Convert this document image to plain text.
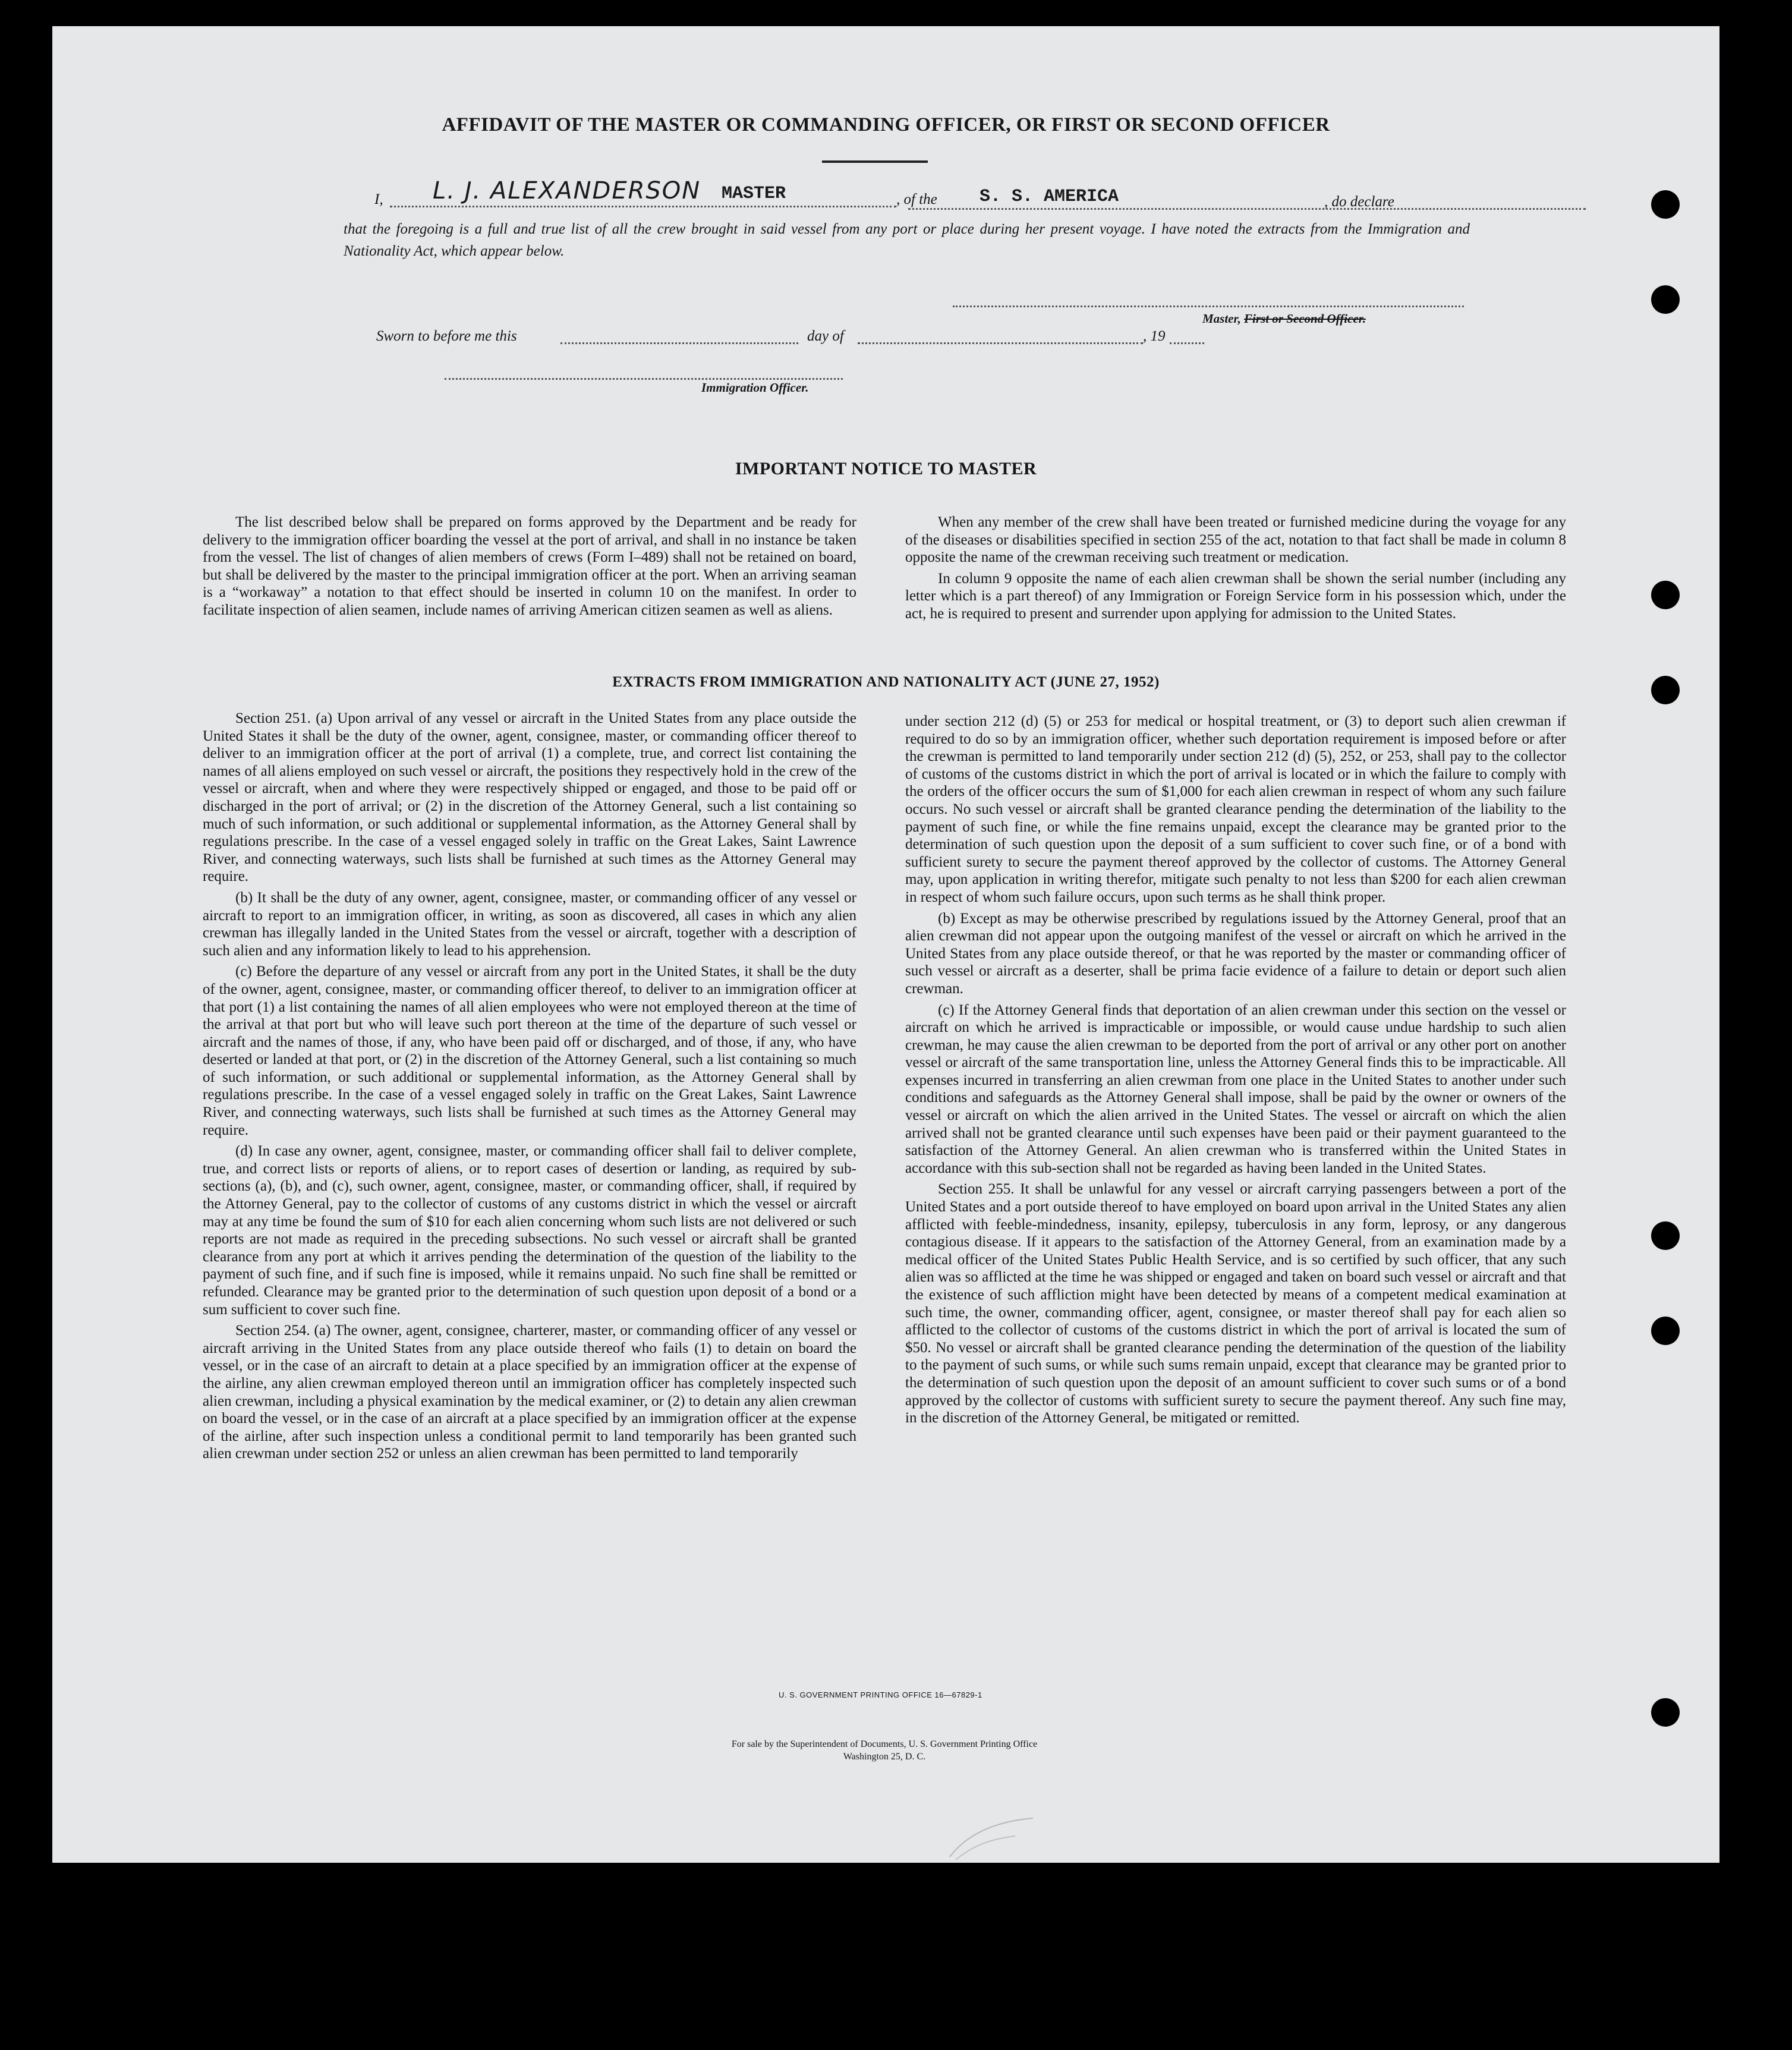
AFFIDAVIT OF THE MASTER OR COMMANDING OFFICER, OR FIRST OR SECOND OFFICER
I, L. J. ALEXANDERSON MASTER	, of the S. S. AMERICA	, do declare
that the foregoing is a full and true list of all the crew brought in said vessel from any port or place during her present voyage. I have noted the extracts from the Immigration and Nationality Act, which appear below.
Master, First or Second Officer.
Sworn to before me this	day of	, 19
Immigration Officer.
IMPORTANT NOTICE TO MASTER

The list described below shall be prepared on forms approved by the Department and be ready for delivery to the immigration officer boarding the vessel at the port of arrival, and shall in no instance be taken from the vessel. The list of changes of alien members of crews (Form I–489) shall not be retained on board, but shall be delivered by the master to the principal immigration officer at the port. When an arriving seaman is a “workaway” a notation to that effect should be inserted in column 10 on the manifest. In order to facilitate inspection of alien seamen, include names of arriving American citizen seamen as well as aliens.

When any member of the crew shall have been treated or furnished medicine during the voyage for any of the diseases or disabilities specified in section 255 of the act, notation to that fact shall be made in column 8 opposite the name of the crewman receiving such treatment or medication.

In column 9 opposite the name of each alien crewman shall be shown the serial number (including any letter which is a part thereof) of any Immigration or Foreign Service form in his possession which, under the act, he is required to present and surrender upon applying for admission to the United States.

EXTRACTS FROM IMMIGRATION AND NATIONALITY ACT (JUNE 27, 1952)

Section 251. (a) Upon arrival of any vessel or aircraft in the United States from any place outside the United States it shall be the duty of the owner, agent, consignee, master, or commanding officer thereof to deliver to an immigration officer at the port of arrival (1) a complete, true, and correct list containing the names of all aliens employed on such vessel or aircraft, the positions they respectively hold in the crew of the vessel or aircraft, when and where they were respectively shipped or engaged, and those to be paid off or discharged in the port of arrival; or (2) in the discretion of the Attorney General, such a list containing so much of such information, or such additional or supplemental information, as the Attorney General shall by regulations prescribe. In the case of a vessel engaged solely in traffic on the Great Lakes, Saint Lawrence River, and connecting waterways, such lists shall be furnished at such times as the Attorney General may require.

(b) It shall be the duty of any owner, agent, consignee, master, or commanding officer of any vessel or aircraft to report to an immigration officer, in writing, as soon as discovered, all cases in which any alien crewman has illegally landed in the United States from the vessel or aircraft, together with a description of such alien and any information likely to lead to his apprehension.

(c) Before the departure of any vessel or aircraft from any port in the United States, it shall be the duty of the owner, agent, consignee, master, or commanding officer thereof, to deliver to an immigration officer at that port (1) a list containing the names of all alien employees who were not employed thereon at the time of the arrival at that port but who will leave such port thereon at the time of the departure of such vessel or aircraft and the names of those, if any, who have been paid off or discharged, and of those, if any, who have deserted or landed at that port, or (2) in the discretion of the Attorney General, such a list containing so much of such information, or such additional or supplemental information, as the Attorney General shall by regulations prescribe. In the case of a vessel engaged solely in traffic on the Great Lakes, Saint Lawrence River, and connecting waterways, such lists shall be furnished at such times as the Attorney General may require.

(d) In case any owner, agent, consignee, master, or commanding officer shall fail to deliver complete, true, and correct lists or reports of aliens, or to report cases of desertion or landing, as required by sub-sections (a), (b), and (c), such owner, agent, consignee, master, or commanding officer, shall, if required by the Attorney General, pay to the collector of customs of any customs district in which the vessel or aircraft may at any time be found the sum of $10 for each alien concerning whom such lists are not delivered or such reports are not made as required in the preceding subsections. No such vessel or aircraft shall be granted clearance from any port at which it arrives pending the determination of the question of the liability to the payment of such fine, and if such fine is imposed, while it remains unpaid. No such fine shall be remitted or refunded. Clearance may be granted prior to the determination of such question upon deposit of a bond or a sum sufficient to cover such fine.

Section 254. (a) The owner, agent, consignee, charterer, master, or commanding officer of any vessel or aircraft arriving in the United States from any place outside thereof who fails (1) to detain on board the vessel, or in the case of an aircraft to detain at a place specified by an immigration officer at the expense of the airline, any alien crewman employed thereon until an immigration officer has completely inspected such alien crewman, including a physical examination by the medical examiner, or (2) to detain any alien crewman on board the vessel, or in the case of an aircraft at a place specified by an immigration officer at the expense of the airline, after such inspection unless a conditional permit to land temporarily has been granted such alien crewman under section 252 or unless an alien crewman has been permitted to land temporarily

under section 212 (d) (5) or 253 for medical or hospital treatment, or (3) to deport such alien crewman if required to do so by an immigration officer, whether such deportation requirement is imposed before or after the crewman is permitted to land temporarily under section 212 (d) (5), 252, or 253, shall pay to the collector of customs of the customs district in which the port of arrival is located or in which the failure to comply with the orders of the officer occurs the sum of $1,000 for each alien crewman in respect of whom any such failure occurs. No such vessel or aircraft shall be granted clearance pending the determination of the liability to the payment of such fine, or while the fine remains unpaid, except the clearance may be granted prior to the determination of such question upon the deposit of a sum sufficient to cover such fine, or of a bond with sufficient surety to secure the payment thereof approved by the collector of customs. The Attorney General may, upon application in writing therefor, mitigate such penalty to not less than $200 for each alien crewman in respect of whom such failure occurs, upon such terms as he shall think proper.

(b) Except as may be otherwise prescribed by regulations issued by the Attorney General, proof that an alien crewman did not appear upon the outgoing manifest of the vessel or aircraft on which he arrived in the United States from any place outside thereof, or that he was reported by the master or commanding officer of such vessel or aircraft as a deserter, shall be prima facie evidence of a failure to detain or deport such alien crewman.

(c) If the Attorney General finds that deportation of an alien crewman under this section on the vessel or aircraft on which he arrived is impracticable or impossible, or would cause undue hardship to such alien crewman, he may cause the alien crewman to be deported from the port of arrival or any other port on another vessel or aircraft of the same transportation line, unless the Attorney General finds this to be impracticable. All expenses incurred in transferring an alien crewman from one place in the United States to another under such conditions and safeguards as the Attorney General shall impose, shall be paid by the owner or owners of the vessel or aircraft on which the alien arrived in the United States. The vessel or aircraft on which the alien arrived shall not be granted clearance until such expenses have been paid or their payment guaranteed to the satisfaction of the Attorney General. An alien crewman who is transferred within the United States in accordance with this sub-section shall not be regarded as having been landed in the United States.

Section 255. It shall be unlawful for any vessel or aircraft carrying passengers between a port of the United States and a port outside thereof to have employed on board upon arrival in the United States any alien afflicted with feeble-mindedness, insanity, epilepsy, tuberculosis in any form, leprosy, or any dangerous contagious disease. If it appears to the satisfaction of the Attorney General, from an examination made by a medical officer of the United States Public Health Service, and is so certified by such officer, that any such alien was so afflicted at the time he was shipped or engaged and taken on board such vessel or aircraft and that the existence of such affliction might have been detected by means of a competent medical examination at such time, the owner, commanding officer, agent, consignee, or master thereof shall pay for each alien so afflicted to the collector of customs of the customs district in which the port of arrival is located the sum of $50. No vessel or aircraft shall be granted clearance pending the determination of the question of the liability to the payment of such sums, or while such sums remain unpaid, except that clearance may be granted prior to the determination of such question upon the deposit of an amount sufficient to cover such sums or of a bond approved by the collector of customs with sufficient surety to secure the payment thereof. Any such fine may, in the discretion of the Attorney General, be mitigated or remitted.

U. S. GOVERNMENT PRINTING OFFICE 16—67829-1
For sale by the Superintendent of Documents, U. S. Government Printing Office
Washington 25, D. C.
